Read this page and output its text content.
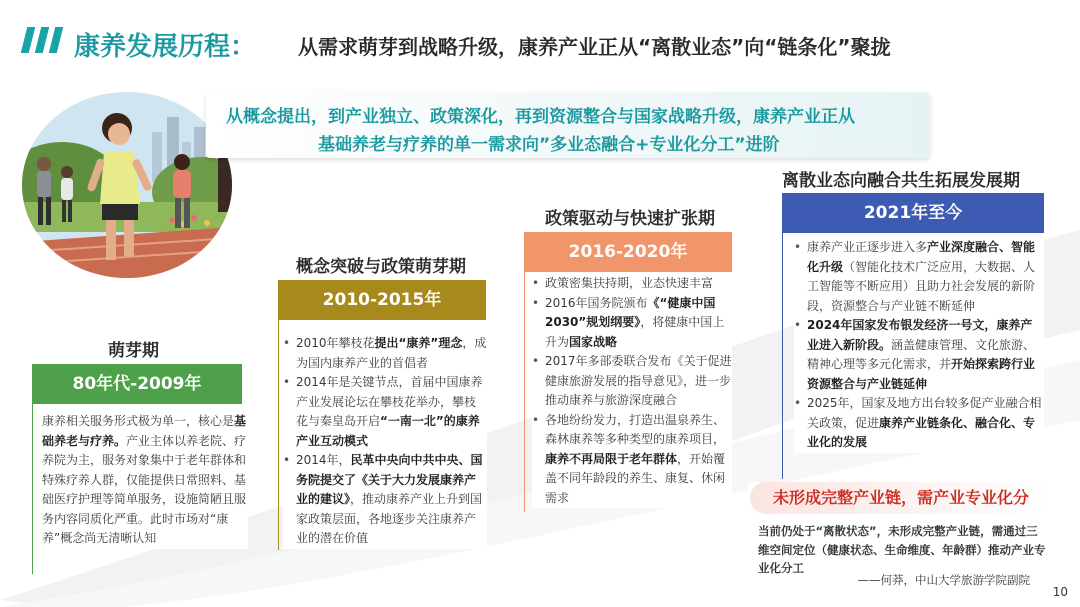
康养发展历程： 从需求萌芽到战略升级，康养产业正从“离散业态”向“链条化”聚拢
从概念提出，到产业独立、政策深化，再到资源整合与国家战略升级，康养产业正从
基础养老与疗养的单一需求向”多业态融合+专业化分工”进阶
萌芽期
80年代-2009年

康养相关服务形式极为单一，核心是基础养老与疗养。产业主体以养老院、疗养院为主，服务对象集中于老年群体和特殊疗养人群，仅能提供日常照料、基础医疗护理等简单服务，设施简陋且服务内容同质化严重。此时市场对“康养”概念尚无清晰认知

概念突破与政策萌芽期
2010-2015年
• 2010年攀枝花提出“康养”理念，成为国内康养产业的首倡者
• 2014年是关键节点，首届中国康养产业发展论坛在攀枝花举办，攀枝花与秦皇岛开启“一南一北”的康养产业互动模式
• 2014年，民革中央向中共中央、国务院提交了《关于大力发展康养产业的建议》，推动康养产业上升到国家政策层面，各地逐步关注康养产业的潜在价值
政策驱动与快速扩张期
2016-2020年
• 政策密集扶持期，业态快速丰富
• 2016年国务院颁布《“健康中国2030”规划纲要》，将健康中国上升为国家战略
• 2017年多部委联合发布《关于促进健康旅游发展的指导意见》，进一步推动康养与旅游深度融合
• 各地纷纷发力，打造出温泉养生、森林康养等多种类型的康养项目，康养不再局限于老年群体，开始覆盖不同年龄段的养生、康复、休闲需求
离散业态向融合共生拓展发展期
2021年至今
• 康养产业正逐步进入多产业深度融合、智能化升级（智能化技术广泛应用，大数据、人工智能等不断应用）且助力社会发展的新阶段，资源整合与产业链不断延伸
• 2024年国家发布银发经济一号文，康养产业进入新阶段。涵盖健康管理、文化旅游、精神心理等多元化需求，并开始探索跨行业资源整合与产业链延伸
• 2025年，国家及地方出台较多促产业融合相关政策，促进康养产业链条化、融合化、专业化的发展
未形成完整产业链，需产业专业化分
当前仍处于“离散状态”，未形成完整产业链，需通过三维空间定位（健康状态、生命维度、年龄群）推动产业专业化分工
——何莽，中山大学旅游学院副院
10
